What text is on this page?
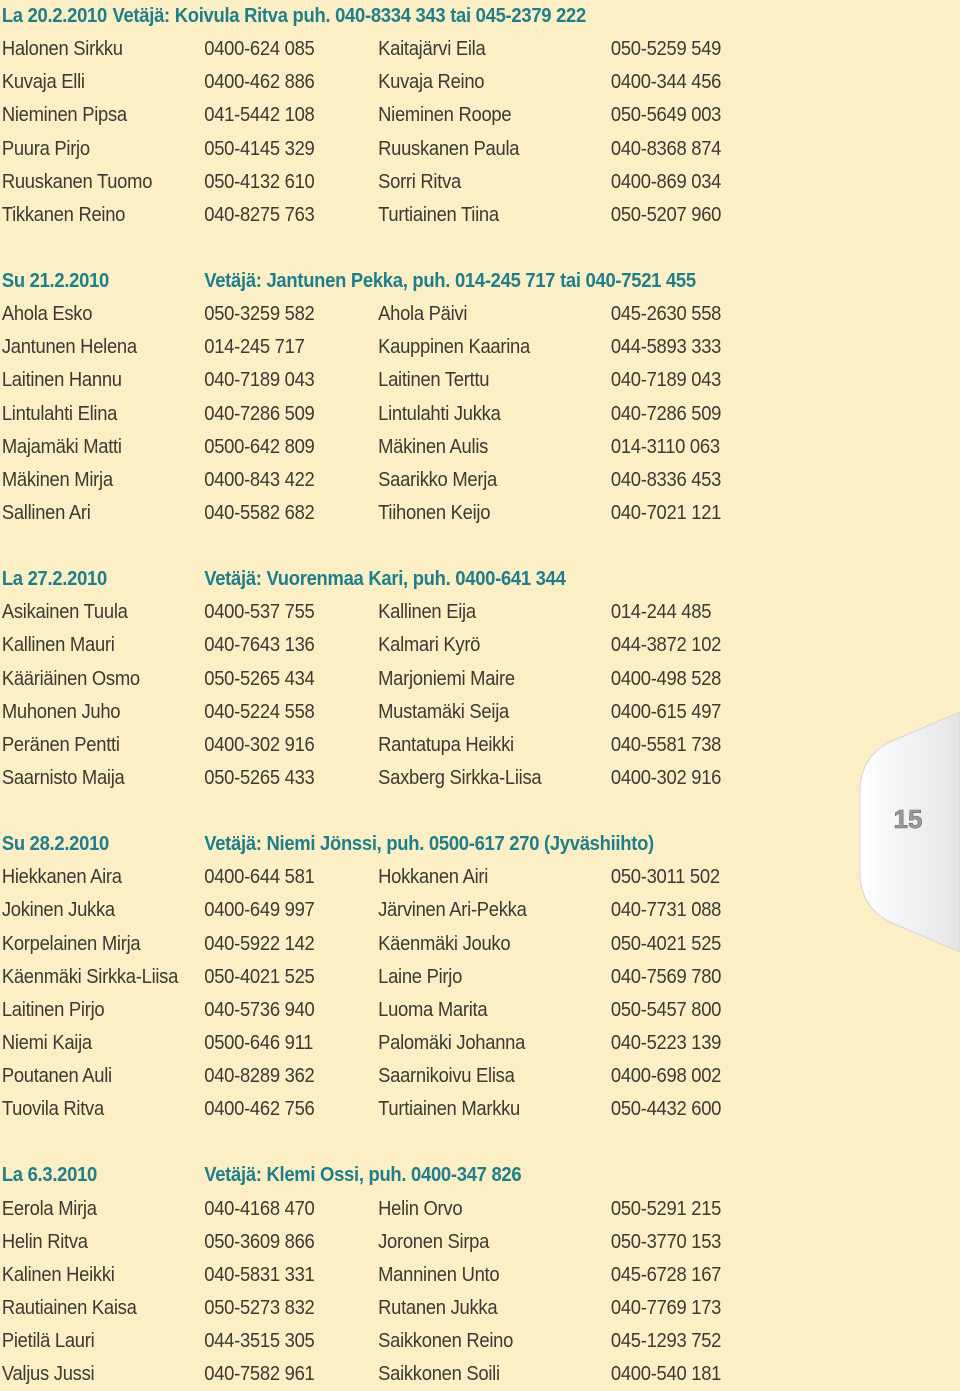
La 20.2.2010 Vetäjä: Koivula Ritva puh. 040-8334 343 tai 045-2379 222
Halonen Sirkku	0400-624 085	Kaitajärvi Eila	050-5259 549
Kuvaja Elli	0400-462 886	Kuvaja Reino	0400-344 456
Nieminen Pipsa	041-5442 108	Nieminen Roope	050-5649 003
Puura Pirjo	050-4145 329	Ruuskanen Paula	040-8368 874
Ruuskanen Tuomo	050-4132 610	Sorri Ritva	0400-869 034
Tikkanen Reino	040-8275 763	Turtiainen Tiina	050-5207 960
Su 21.2.2010	Vetäjä: Jantunen Pekka, puh. 014-245 717 tai 040-7521 455
Ahola Esko	050-3259 582	Ahola Päivi	045-2630 558
Jantunen Helena	014-245 717	Kauppinen Kaarina	044-5893 333
Laitinen Hannu	040-7189 043	Laitinen Terttu	040-7189 043
Lintulahti Elina	040-7286 509	Lintulahti Jukka	040-7286 509
Majamäki Matti	0500-642 809	Mäkinen Aulis	014-3110 063
Mäkinen Mirja	0400-843 422	Saarikko Merja	040-8336 453
Sallinen Ari	040-5582 682	Tiihonen Keijo	040-7021 121
La 27.2.2010	Vetäjä: Vuorenmaa Kari, puh. 0400-641 344
Asikainen Tuula	0400-537 755	Kallinen Eija	014-244 485
Kallinen Mauri	040-7643 136	Kalmari Kyrö	044-3872 102
Kääriäinen Osmo	050-5265 434	Marjoniemi Maire	0400-498 528
Muhonen Juho	040-5224 558	Mustamäki Seija	0400-615 497
Peränen Pentti	0400-302 916	Rantatupa Heikki	040-5581 738
Saarnisto Maija	050-5265 433	Saxberg Sirkka-Liisa	0400-302 916
Su 28.2.2010	Vetäjä: Niemi Jönssi, puh. 0500-617 270 (Jyväshiihto)
Hiekkanen Aira	0400-644 581	Hokkanen Airi	050-3011 502
Jokinen Jukka	0400-649 997	Järvinen Ari-Pekka	040-7731 088
Korpelainen Mirja	040-5922 142	Käenmäki Jouko	050-4021 525
Käenmäki Sirkka-Liisa	050-4021 525	Laine Pirjo	040-7569 780
Laitinen Pirjo	040-5736 940	Luoma Marita	050-5457 800
Niemi Kaija	0500-646 911	Palomäki Johanna	040-5223 139
Poutanen Auli	040-8289 362	Saarnikoivu Elisa	0400-698 002
Tuovila Ritva	0400-462 756	Turtiainen Markku	050-4432 600
La 6.3.2010	Vetäjä: Klemi Ossi, puh. 0400-347 826
Eerola Mirja	040-4168 470	Helin Orvo	050-5291 215
Helin Ritva	050-3609 866	Joronen Sirpa	050-3770 153
Kalinen Heikki	040-5831 331	Manninen Unto	045-6728 167
Rautiainen Kaisa	050-5273 832	Rutanen Jukka	040-7769 173
Pietilä Lauri	044-3515 305	Saikkonen Reino	045-1293 752
Valjus Jussi	040-7582 961	Saikkonen Soili	0400-540 181
15
